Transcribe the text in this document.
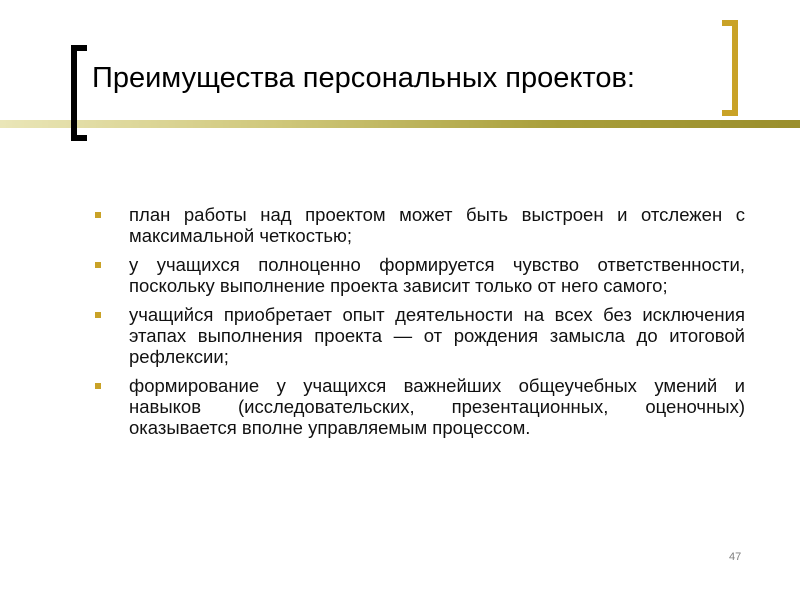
Преимущества персональных проектов:
план работы над проектом может быть выстроен и отслежен с максимальной четкостью;
у учащихся полноценно формируется чувство ответственности, поскольку выполнение проекта зависит только от него самого;
учащийся приобретает опыт деятельности на всех без исключения этапах выполнения проекта — от рождения замысла до итоговой рефлексии;
формирование у учащихся важнейших общеучебных умений и навыков (исследовательских, презентационных, оценочных) оказывается вполне управляемым процессом.
47
